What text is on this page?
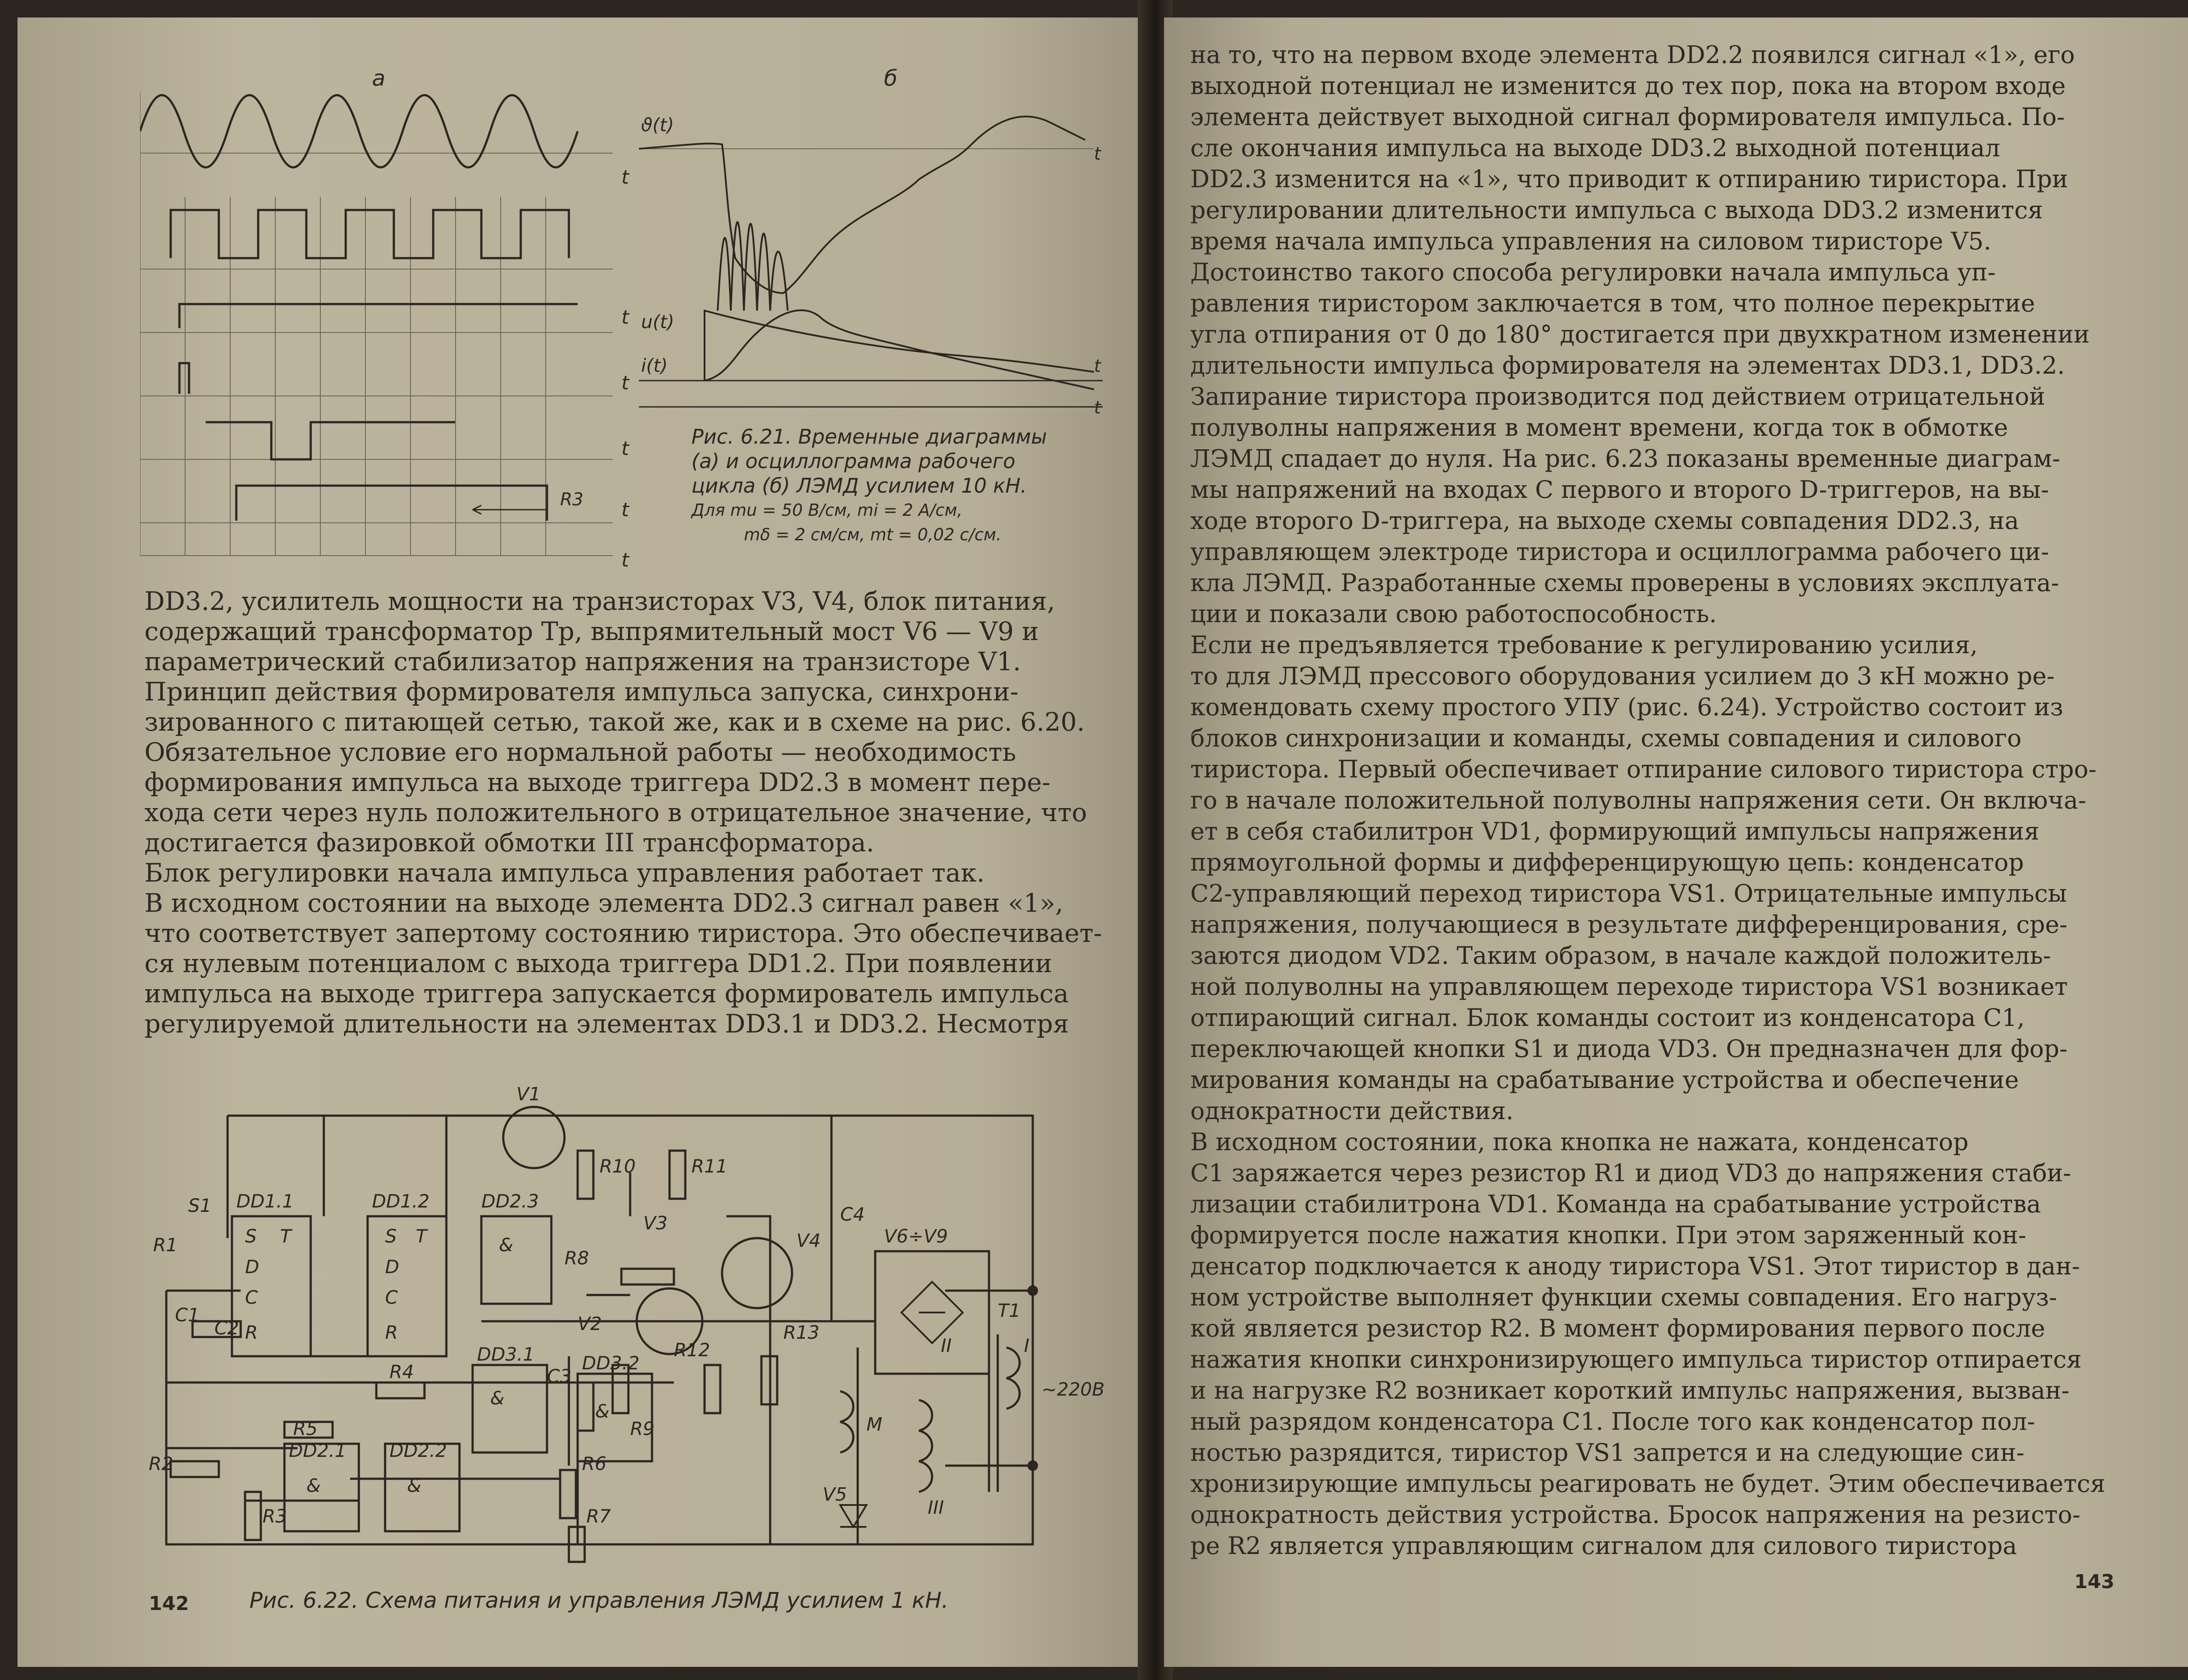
а
R3
t
t
t
t
t
t
б
ϑ(t)
u(t)
i(t)
t
t
t
Рис. 6.21. Временные диаграммы
(а) и осциллограмма рабочего
цикла (б) ЛЭМД усилием 10 кН.
Для mu = 50 В/см, mi = 2 А/см,
mδ = 2 см/см, mt = 0,02 с/см.
DD3.2, усилитель мощности на транзисторах V3, V4, блок питания,
содержащий трансформатор Тр, выпрямительный мост V6 — V9 и
параметрический стабилизатор напряжения на транзисторе V1.
Принцип действия формирователя импульса запуска, синхрони-
зированного с питающей сетью, такой же, как и в схеме на рис. 6.20.
Обязательное условие его нормальной работы — необходимость
формирования импульса на выходе триггера DD2.3 в момент пере-
хода сети через нуль положительного в отрицательное значение, что
достигается фазировкой обмотки III трансформатора.
Блок регулировки начала импульса управления работает так.
В исходном состоянии на выходе элемента DD2.3 сигнал равен «1»,
что соответствует запертому состоянию тиристора. Это обеспечивает-
ся нулевым потенциалом с выхода триггера DD1.2. При появлении
импульса на выходе триггера запускается формирователь импульса
регулируемой длительности на элементах DD3.1 и DD3.2. Несмотря
V1
R10	R11
V4
C4
S1 DD1.1	DD1.2	DD2.3
S T
D
C
R
S T
D
C
R
&
R8
V3
R1
V2
R9
R12
R13
V6÷V9
T1
C1
C2
R4
DD3.1
C3
DD3.2
&
&
II	I
~220В
R5
DD2.1 DD2.2
&	&
M
III
R2	R6
R7
R3
V5
Рис. 6.22. Схема питания и управления ЛЭМД усилием 1 кН.
142
на то, что на первом входе элемента DD2.2 появился сигнал «1», его
выходной потенциал не изменится до тех пор, пока на втором входе
элемента действует выходной сигнал формирователя импульса. По-
сле окончания импульса на выходе DD3.2 выходной потенциал
DD2.3 изменится на «1», что приводит к отпиранию тиристора. При
регулировании длительности импульса с выхода DD3.2 изменится
время начала импульса управления на силовом тиристоре V5.
Достоинство такого способа регулировки начала импульса уп-
равления тиристором заключается в том, что полное перекрытие
угла отпирания от 0 до 180° достигается при двухкратном изменении
длительности импульса формирователя на элементах DD3.1, DD3.2.
Запирание тиристора производится под действием отрицательной
полуволны напряжения в момент времени, когда ток в обмотке
ЛЭМД спадает до нуля. На рис. 6.23 показаны временные диаграм-
мы напряжений на входах С первого и второго D-триггеров, на вы-
ходе второго D-триггера, на выходе схемы совпадения DD2.3, на
управляющем электроде тиристора и осциллограмма рабочего ци-
кла ЛЭМД. Разработанные схемы проверены в условиях эксплуата-
ции и показали свою работоспособность.
Если не предъявляется требование к регулированию усилия,
то для ЛЭМД прессового оборудования усилием до 3 кН можно ре-
комендовать схему простого УПУ (рис. 6.24). Устройство состоит из
блоков синхронизации и команды, схемы совпадения и силового
тиристора. Первый обеспечивает отпирание силового тиристора стро-
го в начале положительной полуволны напряжения сети. Он включа-
ет в себя стабилитрон VD1, формирующий импульсы напряжения
прямоугольной формы и дифференцирующую цепь: конденсатор
С2-управляющий переход тиристора VS1. Отрицательные импульсы
напряжения, получающиеся в результате дифференцирования, сре-
заются диодом VD2. Таким образом, в начале каждой положитель-
ной полуволны на управляющем переходе тиристора VS1 возникает
отпирающий сигнал. Блок команды состоит из конденсатора С1,
переключающей кнопки S1 и диода VD3. Он предназначен для фор-
мирования команды на срабатывание устройства и обеспечение
однократности действия.
В исходном состоянии, пока кнопка не нажата, конденсатор
С1 заряжается через резистор R1 и диод VD3 до напряжения стаби-
лизации стабилитрона VD1. Команда на срабатывание устройства
формируется после нажатия кнопки. При этом заряженный кон-
денсатор подключается к аноду тиристора VS1. Этот тиристор в дан-
ном устройстве выполняет функции схемы совпадения. Его нагруз-
кой является резистор R2. В момент формирования первого после
нажатия кнопки синхронизирующего импульса тиристор отпирается
и на нагрузке R2 возникает короткий импульс напряжения, вызван-
ный разрядом конденсатора С1. После того как конденсатор пол-
ностью разрядится, тиристор VS1 запрется и на следующие син-
хронизирующие импульсы реагировать не будет. Этим обеспечивается
однократность действия устройства. Бросок напряжения на резисто-
ре R2 является управляющим сигналом для силового тиристора
143
